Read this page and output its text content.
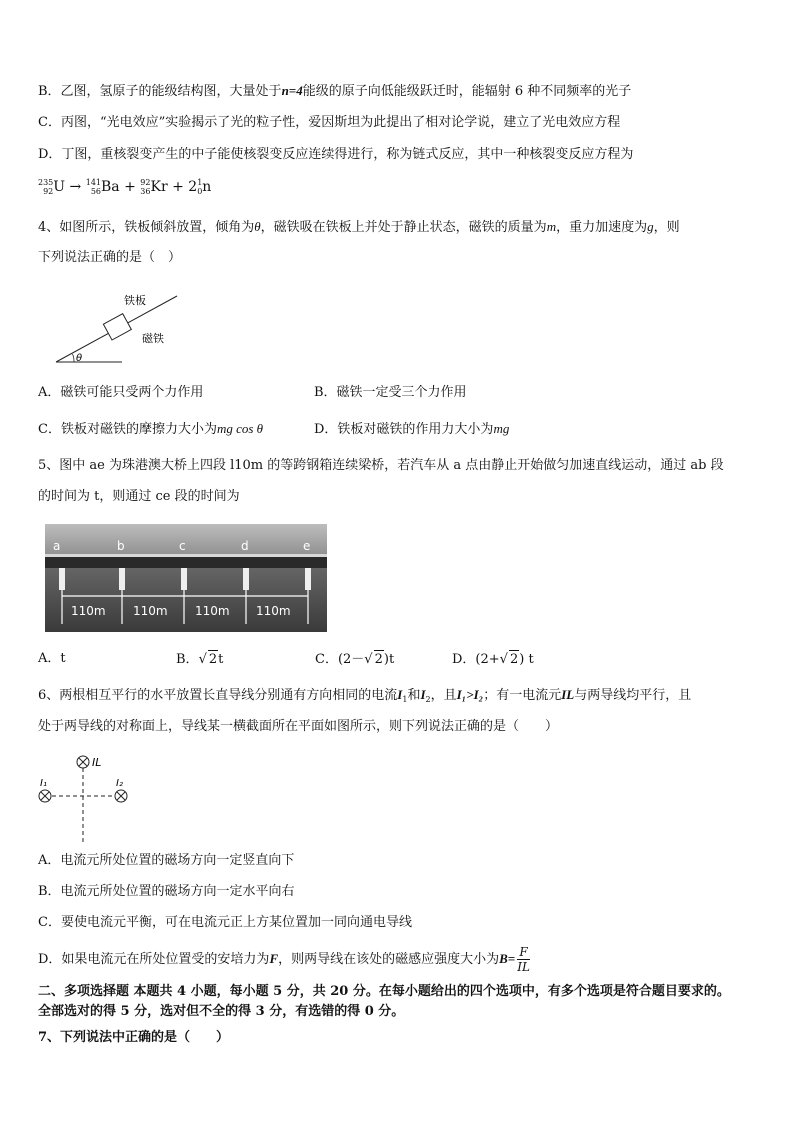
B．乙图，氢原子的能级结构图，大量处于n=4能级的原子向低能级跃迁时，能辐射 6 种不同频率的光子
C．丙图，“光电效应”实验揭示了光的粒子性，爱因斯坦为此提出了相对论学说，建立了光电效应方程
D．丁图，重核裂变产生的中子能使核裂变反应连续得进行，称为链式反应，其中一种核裂变反应方程为
235
92U → 141
56Ba + 92
36Kr + 21
0n
4、如图所示，铁板倾斜放置，倾角为θ，磁铁吸在铁板上并处于静止状态，磁铁的质量为m，重力加速度为g，则
下列说法正确的是（　）
θ
铁板
磁铁
A．磁铁可能只受两个力作用	B．磁铁一定受三个力作用
C．铁板对磁铁的摩擦力大小为mg cos θ	D．铁板对磁铁的作用力大小为mg
5、图中 ae 为珠港澳大桥上四段 l10m 的等跨钢箱连续梁桥，若汽车从 a 点由静止开始做匀加速直线运动，通过 ab 段
的时间为 t，则通过 ce 段的时间为
a	b	c	d	e
110m 110m 110m 110m
A．t	B．√ 2t	C．(2－√ 2)t	D．(2+√ 2) t
6、两根相互平行的水平放置长直导线分别通有方向相同的电流$I_1$和$I_2$，且I₁>I₂；有一电流元IL与两导线均平行，且
处于两导线的对称面上，导线某一横截面所在平面如图所示，则下列说法正确的是（　　）
IL
I₁	I₂
A．电流元所处位置的磁场方向一定竖直向下
B．电流元所处位置的磁场方向一定水平向右
C．要使电流元平衡，可在电流元正上方某位置加一同向通电导线
D．如果电流元在所处位置受的安培力为F，则两导线在该处的磁感应强度大小为$B= \frac{F}{IL}$
二、多项选择题 本题共 4 小题，每小题 5 分，共 20 分。在每小题给出的四个选项中，有多个选项是符合题目要求的。
全部选对的得 5 分，选对但不全的得 3 分，有选错的得 0 分。
7、下列说法中正确的是（　　）
